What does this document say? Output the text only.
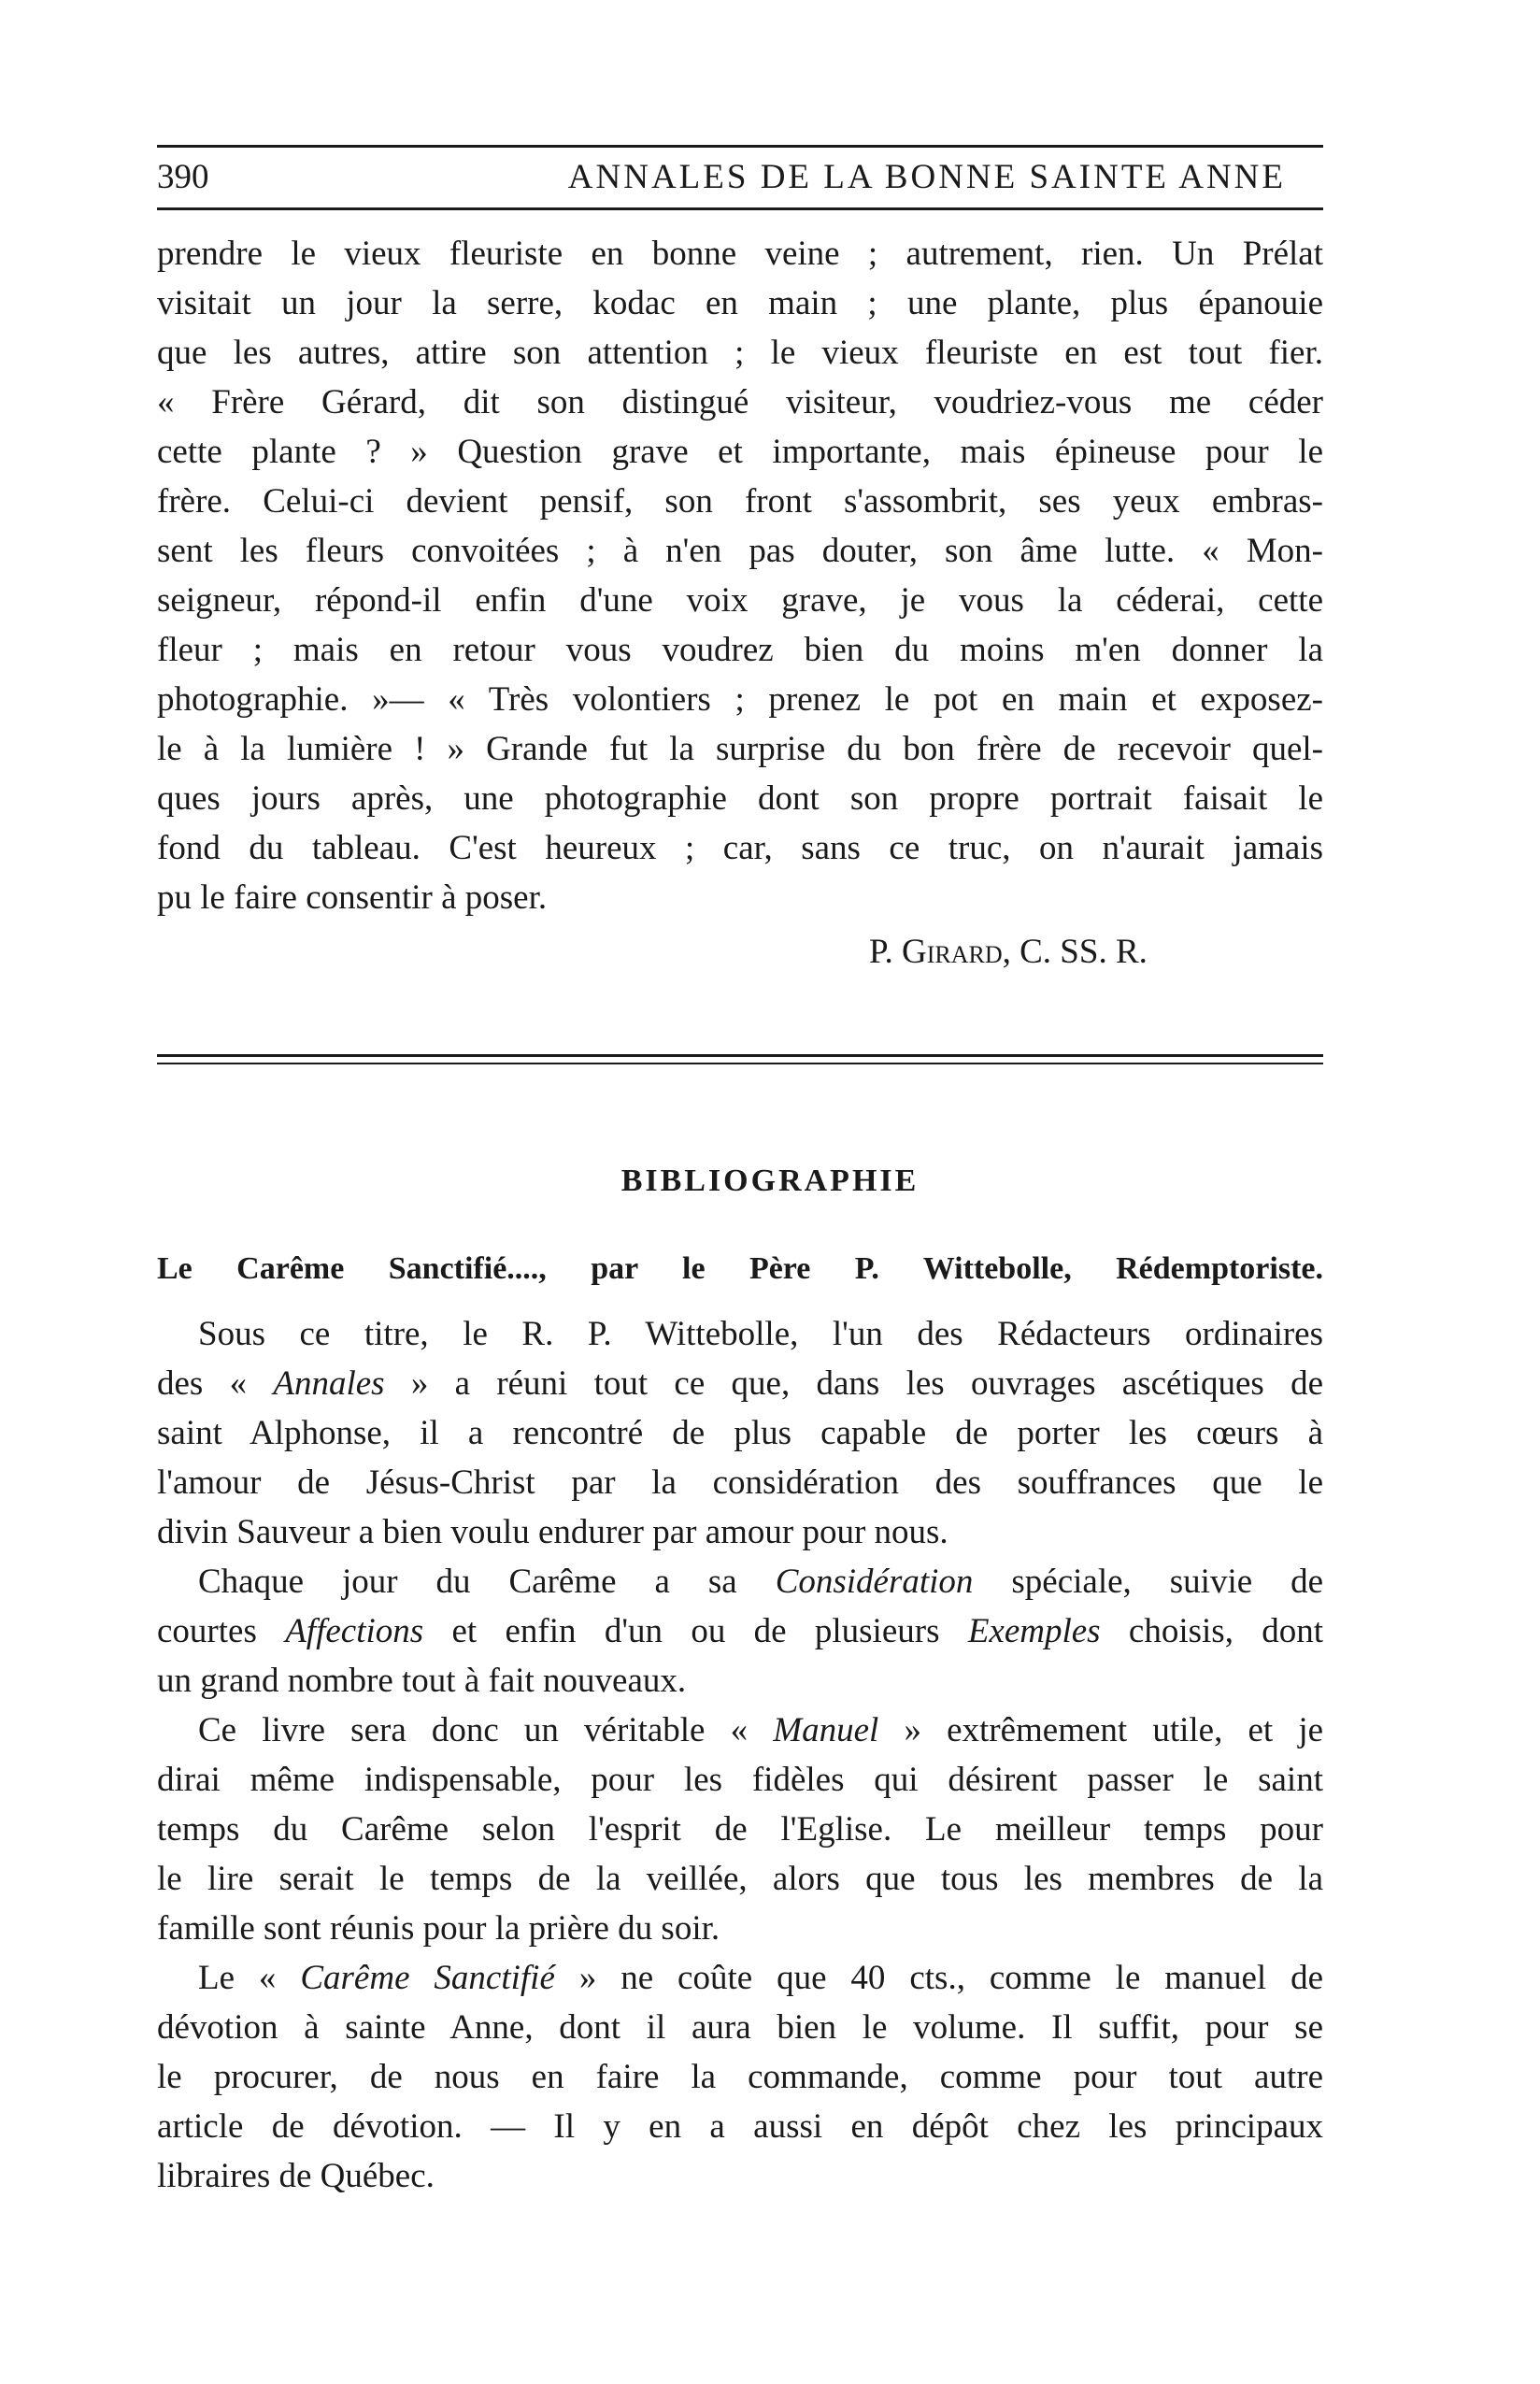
390	ANNALES DE LA BONNE SAINTE ANNE
prendre le vieux fleuriste en bonne veine ; autrement, rien. Un Prélat
visitait un jour la serre, kodac en main ; une plante, plus épanouie
que les autres, attire son attention ; le vieux fleuriste en est tout fier.
« Frère Gérard, dit son distingué visiteur, voudriez-vous me céder
cette plante ? » Question grave et importante, mais épineuse pour le
frère. Celui-ci devient pensif, son front s'assombrit, ses yeux embras-
sent les fleurs convoitées ; à n'en pas douter, son âme lutte. « Mon-
seigneur, répond-il enfin d'une voix grave, je vous la céderai, cette
fleur ; mais en retour vous voudrez bien du moins m'en donner la
photographie. »— « Très volontiers ; prenez le pot en main et exposez-
le à la lumière ! » Grande fut la surprise du bon frère de recevoir quel-
ques jours après, une photographie dont son propre portrait faisait le
fond du tableau. C'est heureux ; car, sans ce truc, on n'aurait jamais
pu le faire consentir à poser.
P. Girard, C. SS. R.
BIBLIOGRAPHIE
Le Carême Sanctifié...., par le Père P. Wittebolle, Rédemptoriste.
Sous ce titre, le R. P. Wittebolle, l'un des Rédacteurs ordinaires
des « Annales » a réuni tout ce que, dans les ouvrages ascétiques de
saint Alphonse, il a rencontré de plus capable de porter les cœurs à
l'amour de Jésus-Christ par la considération des souffrances que le
divin Sauveur a bien voulu endurer par amour pour nous.
Chaque jour du Carême a sa Considération spéciale, suivie de
courtes Affections et enfin d'un ou de plusieurs Exemples choisis, dont
un grand nombre tout à fait nouveaux.
Ce livre sera donc un véritable « Manuel » extrêmement utile, et je
dirai même indispensable, pour les fidèles qui désirent passer le saint
temps du Carême selon l'esprit de l'Eglise. Le meilleur temps pour
le lire serait le temps de la veillée, alors que tous les membres de la
famille sont réunis pour la prière du soir.
Le « Carême Sanctifié » ne coûte que 40 cts., comme le manuel de
dévotion à sainte Anne, dont il aura bien le volume. Il suffit, pour se
le procurer, de nous en faire la commande, comme pour tout autre
article de dévotion. — Il y en a aussi en dépôt chez les principaux
libraires de Québec.
